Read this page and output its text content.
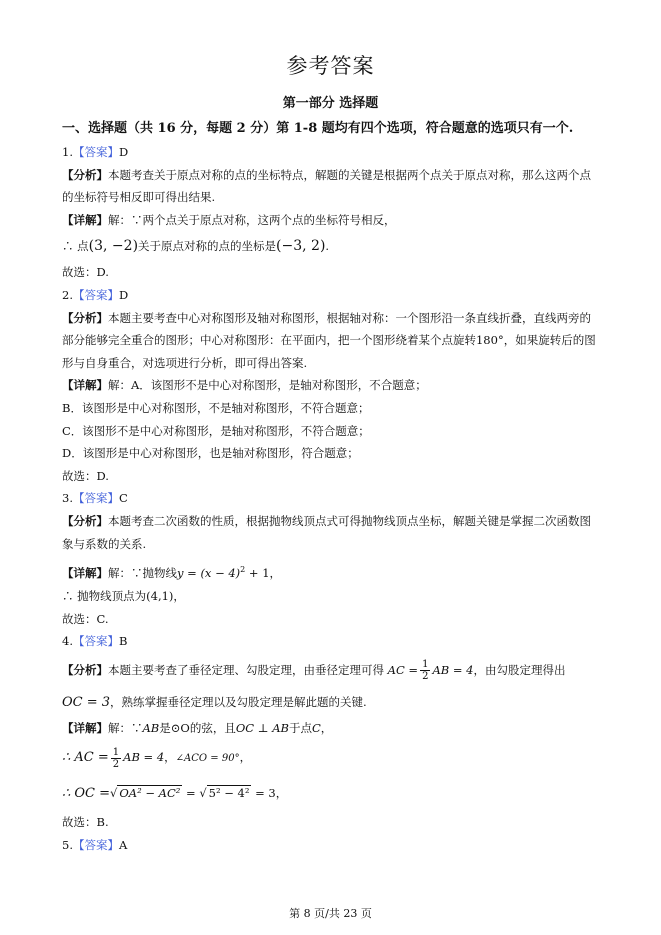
参考答案
第一部分 选择题
一、选择题（共 16 分，每题 2 分）第 1-8 题均有四个选项，符合题意的选项只有一个.
1.【答案】D
【分析】本题考查关于原点对称的点的坐标特点，解题的关键是根据两个点关于原点对称，那么这两个点
的坐标符号相反即可得出结果.
【详解】解：∵两个点关于原点对称，这两个点的坐标符号相反，
∴ 点(3, −2)关于原点对称的点的坐标是(−3, 2).
故选：D.
2.【答案】D
【分析】本题主要考查中心对称图形及轴对称图形，根据轴对称：一个图形沿一条直线折叠，直线两旁的
部分能够完全重合的图形；中心对称图形：在平面内，把一个图形绕着某个点旋转180°，如果旋转后的图
形与自身重合，对选项进行分析，即可得出答案.
【详解】解：A．该图形不是中心对称图形，是轴对称图形，不合题意；
B．该图形是中心对称图形，不是轴对称图形，不符合题意；
C．该图形不是中心对称图形，是轴对称图形，不符合题意；
D．该图形是中心对称图形，也是轴对称图形，符合题意；
故选：D.
3.【答案】C
【分析】本题考查二次函数的性质，根据抛物线顶点式可得抛物线顶点坐标，解题关键是掌握二次函数图
象与系数的关系.
【详解】解：∵抛物线$y = (x - 4)^2 + 1$，
∴ 抛物线顶点为(4,1)，
故选：C.
4.【答案】B
【分析】本题主要考查了垂径定理、勾股定理，由垂径定理可得 AC = $\frac{1}{2}$ AB = 4，由勾股定理得出
OC = 3，熟练掌握垂径定理以及勾股定理是解此题的关键.
【详解】解：∵AB是⊙O的弦，且OC ⊥ AB于点C，
∴ AC = $\frac{1}{2}$ AB = 4，∠ACO = 90°，
∴ OC =√ OA² − AC² = √ 5² − 4² = 3，
故选：B.
5.【答案】A
第 8 页/共 23 页
